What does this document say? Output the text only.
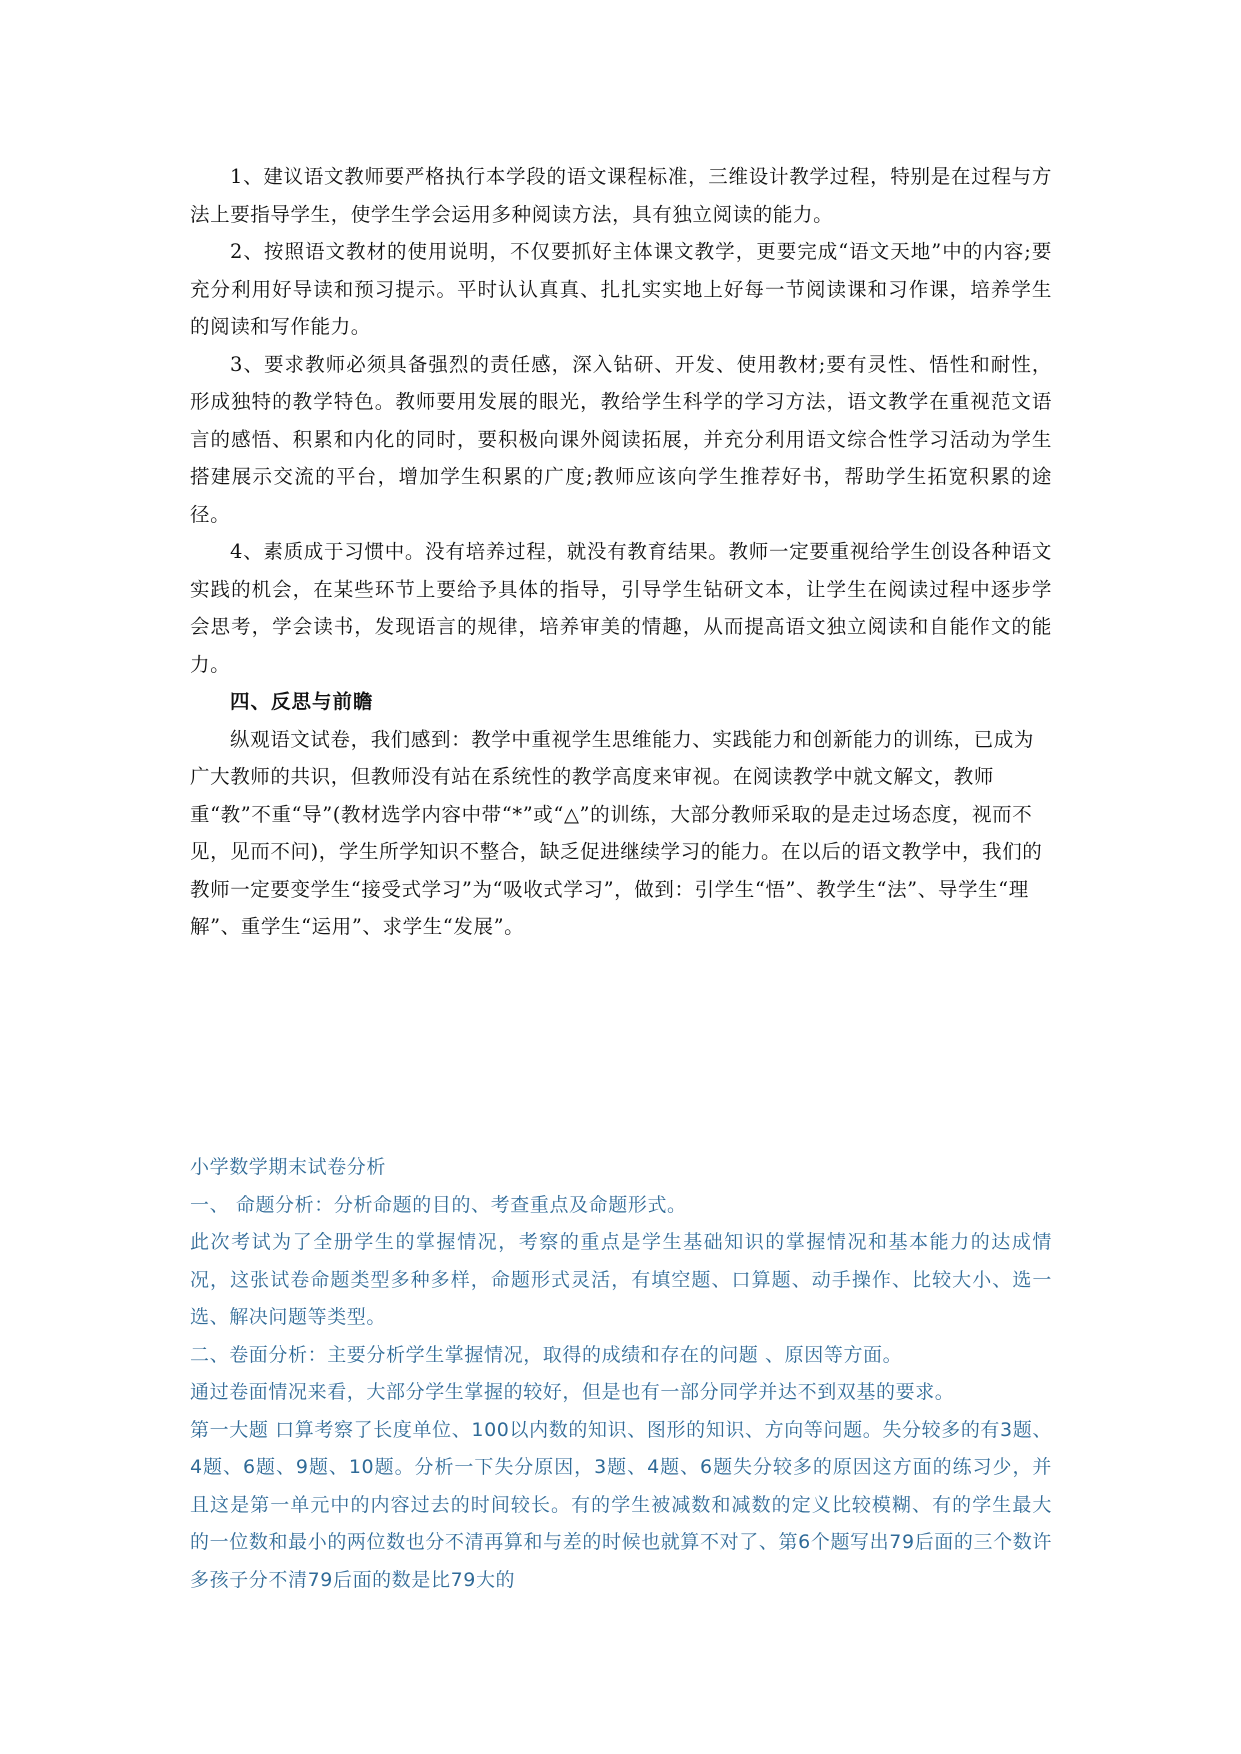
1、建议语文教师要严格执行本学段的语文课程标准，三维设计教学过程，特别是在过程与方法上要指导学生，使学生学会运用多种阅读方法，具有独立阅读的能力。

2、按照语文教材的使用说明，不仅要抓好主体课文教学，更要完成“语文天地”中的内容;要充分利用好导读和预习提示。平时认认真真、扎扎实实地上好每一节阅读课和习作课，培养学生的阅读和写作能力。

3、要求教师必须具备强烈的责任感，深入钻研、开发、使用教材;要有灵性、悟性和耐性，形成独特的教学特色。教师要用发展的眼光，教给学生科学的学习方法，语文教学在重视范文语言的感悟、积累和内化的同时，要积极向课外阅读拓展，并充分利用语文综合性学习活动为学生搭建展示交流的平台，增加学生积累的广度;教师应该向学生推荐好书，帮助学生拓宽积累的途径。

4、素质成于习惯中。没有培养过程，就没有教育结果。教师一定要重视给学生创设各种语文实践的机会，在某些环节上要给予具体的指导，引导学生钻研文本，让学生在阅读过程中逐步学会思考，学会读书，发现语言的规律，培养审美的情趣，从而提高语文独立阅读和自能作文的能力。

四、反思与前瞻

纵观语文试卷，我们感到：教学中重视学生思维能力、实践能力和创新能力的训练，已成为广大教师的共识，但教师没有站在系统性的教学高度来审视。在阅读教学中就文解文，教师重“教”不重“导”(教材选学内容中带“*”或“△”的训练，大部分教师采取的是走过场态度，视而不见，见而不问)，学生所学知识不整合，缺乏促进继续学习的能力。在以后的语文教学中，我们的教师一定要变学生“接受式学习”为“吸收式学习”，做到：引学生“悟”、教学生“法”、导学生“理解”、重学生“运用”、求学生“发展”。

小学数学期末试卷分析

一、 命题分析：分析命题的目的、考查重点及命题形式。

此次考试为了全册学生的掌握情况，考察的重点是学生基础知识的掌握情况和基本能力的达成情况，这张试卷命题类型多种多样，命题形式灵活，有填空题、口算题、动手操作、比较大小、选一选、解决问题等类型。

二、卷面分析：主要分析学生掌握情况，取得的成绩和存在的问题 、原因等方面。

通过卷面情况来看，大部分学生掌握的较好，但是也有一部分同学并达不到双基的要求。

第一大题 口算考察了长度单位、100以内数的知识、图形的知识、方向等问题。失分较多的有3题、4题、6题、9题、10题。分析一下失分原因，3题、4题、6题失分较多的原因这方面的练习少，并且这是第一单元中的内容过去的时间较长。有的学生被减数和减数的定义比较模糊、有的学生最大的一位数和最小的两位数也分不清再算和与差的时候也就算不对了、第6个题写出79后面的三个数许多孩子分不清79后面的数是比79大的
